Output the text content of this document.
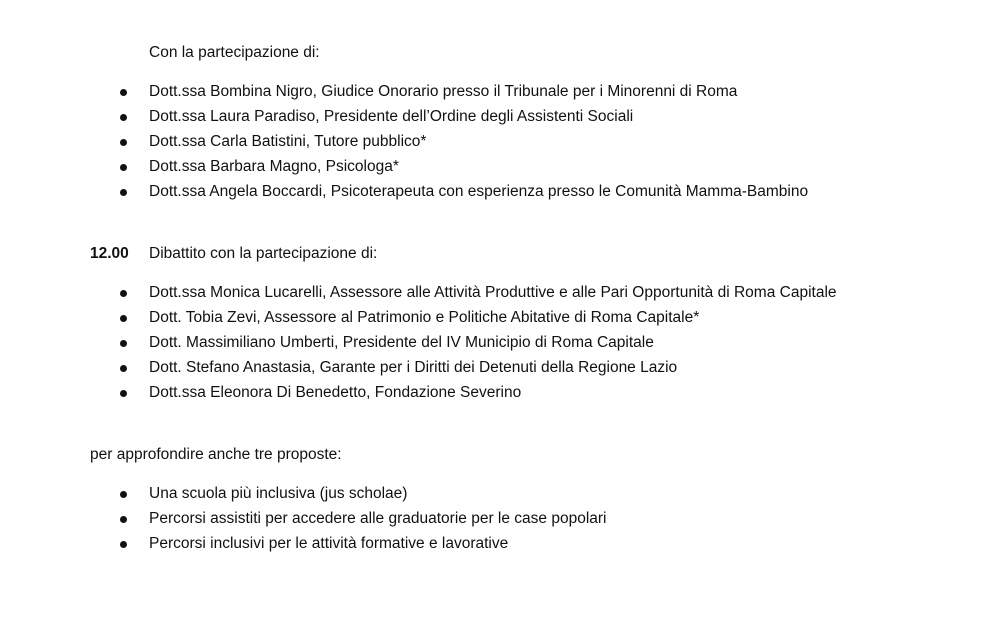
Con la partecipazione di:
Dott.ssa Bombina Nigro, Giudice Onorario presso il Tribunale per i Minorenni di Roma
Dott.ssa Laura Paradiso, Presidente dell’Ordine degli Assistenti Sociali
Dott.ssa Carla Batistini, Tutore pubblico*
Dott.ssa Barbara Magno, Psicologa*
Dott.ssa Angela Boccardi, Psicoterapeuta con esperienza presso le Comunità Mamma-Bambino
12.00 Dibattito con la partecipazione di:
Dott.ssa Monica Lucarelli, Assessore alle Attività Produttive e alle Pari Opportunità di Roma Capitale
Dott. Tobia Zevi, Assessore al Patrimonio e Politiche Abitative di Roma Capitale*
Dott. Massimiliano Umberti, Presidente del IV Municipio di Roma Capitale
Dott. Stefano Anastasia, Garante per i Diritti dei Detenuti della Regione Lazio
Dott.ssa Eleonora Di Benedetto, Fondazione Severino
per approfondire anche tre proposte:
Una scuola più inclusiva (jus scholae)
Percorsi assistiti per accedere alle graduatorie per le case popolari
Percorsi inclusivi per le attività formative e lavorative
